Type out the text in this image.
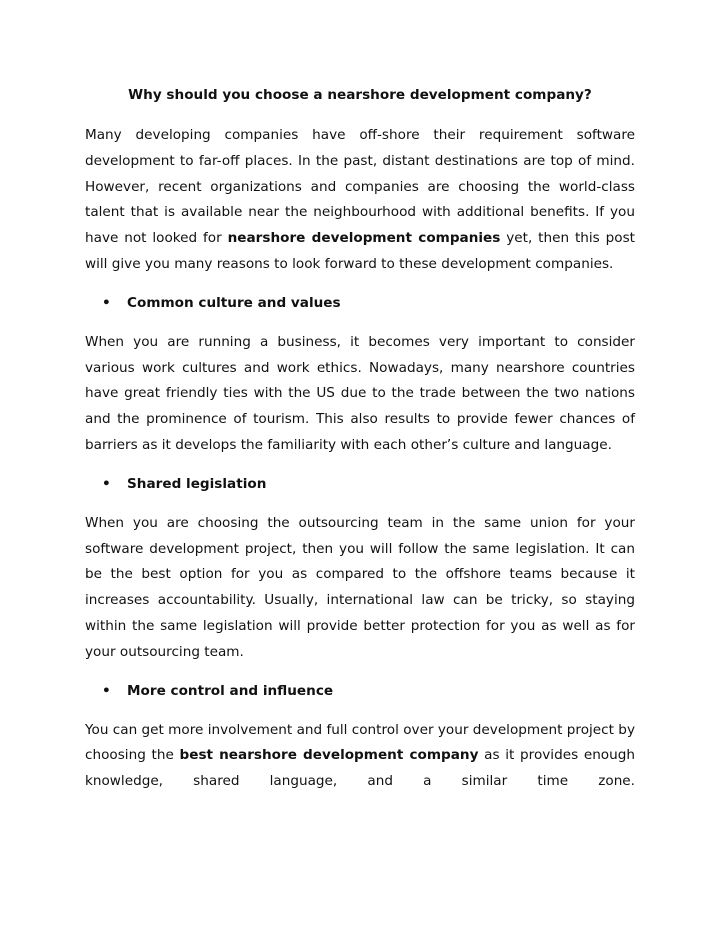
Why should you choose a nearshore development company?

Many developing companies have off-shore their requirement software development to far-off places. In the past, distant destinations are top of mind. However, recent organizations and companies are choosing the world-class talent that is available near the neighbourhood with additional benefits. If you have not looked for nearshore development companies yet, then this post will give you many reasons to look forward to these development companies.

• Common culture and values

When you are running a business, it becomes very important to consider various work cultures and work ethics. Nowadays, many nearshore countries have great friendly ties with the US due to the trade between the two nations and the prominence of tourism. This also results to provide fewer chances of barriers as it develops the familiarity with each other’s culture and language.

• Shared legislation

When you are choosing the outsourcing team in the same union for your software development project, then you will follow the same legislation. It can be the best option for you as compared to the offshore teams because it increases accountability. Usually, international law can be tricky, so staying within the same legislation will provide better protection for you as well as for your outsourcing team.

• More control and influence

You can get more involvement and full control over your development project by choosing the best nearshore development company as it provides enough knowledge, shared language, and a similar time zone.
